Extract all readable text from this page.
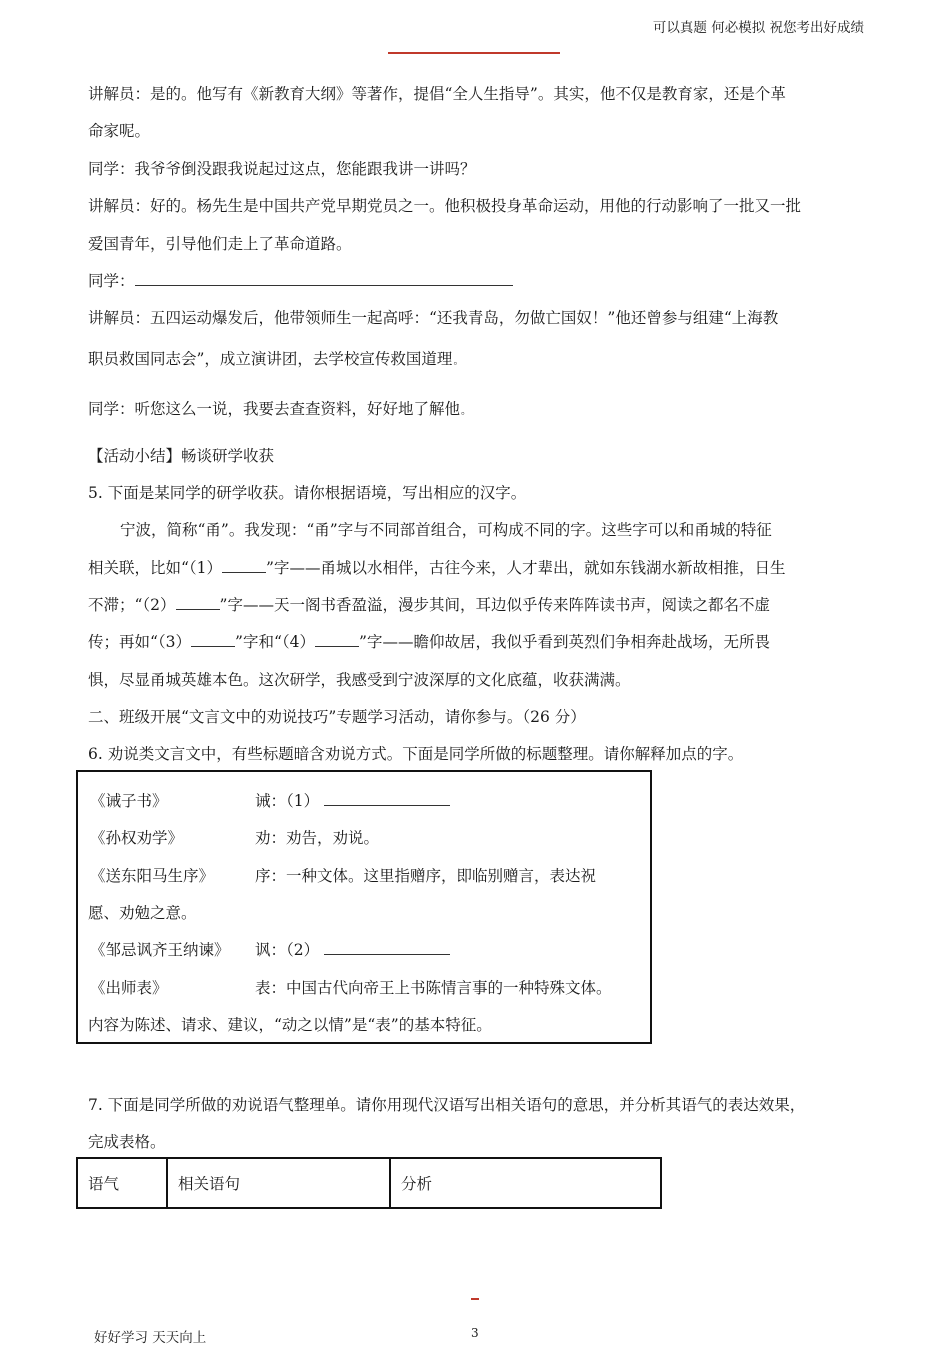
可以真题 何必模拟 祝您考出好成绩
讲解员：是的。他写有《新教育大纲》等著作，提倡“全人生指导”。其实，他不仅是教育家，还是个革
命家呢。
同学：我爷爷倒没跟我说起过这点，您能跟我讲一讲吗？
讲解员：好的。杨先生是中国共产党早期党员之一。他积极投身革命运动，用他的行动影响了一批又一批
爱国青年，引导他们走上了革命道路。
同学：
讲解员：五四运动爆发后，他带领师生一起高呼：“还我青岛，勿做亡国奴！”他还曾参与组建“上海教
职员救国同志会”，成立演讲团，去学校宣传救国道理。
同学：听您这么一说，我要去查查资料，好好地了解他。
【活动小结】畅谈研学收获
5. 下面是某同学的研学收获。请你根据语境，写出相应的汉字。
宁波，简称“甬”。我发现：“甬”字与不同部首组合，可构成不同的字。这些字可以和甬城的特征
相关联，比如“（1）	”字——甬城以水相伴，古往今来，人才辈出，就如东钱湖水新故相推，日生
不滞；“（2）	”字——天一阁书香盈溢，漫步其间，耳边似乎传来阵阵读书声，阅读之都名不虚
传；再如“（3）	”字和“（4）	”字——瞻仰故居，我似乎看到英烈们争相奔赴战场，无所畏
惧，尽显甬城英雄本色。这次研学，我感受到宁波深厚的文化底蕴，收获满满。
二、班级开展“文言文中的劝说技巧”专题学习活动，请你参与。（26 分）
6. 劝说类文言文中，有些标题暗含劝说方式。下面是同学所做的标题整理。请你解释加点的字。
《诫子书》	诫：（1）
《孙权劝学》	劝：劝告，劝说。
《送东阳马生序》	序：一种文体。这里指赠序，即临别赠言，表达祝
愿、劝勉之意。
《邹忌讽齐王纳谏》 讽：（2）
《出师表》	表：中国古代向帝王上书陈情言事的一种特殊文体。
内容为陈述、请求、建议，“动之以情”是“表”的基本特征。
7. 下面是同学所做的劝说语气整理单。请你用现代汉语写出相关语句的意思，并分析其语气的表达效果，
完成表格。
语气	相关语句	分析
好好学习 天天向上	3
